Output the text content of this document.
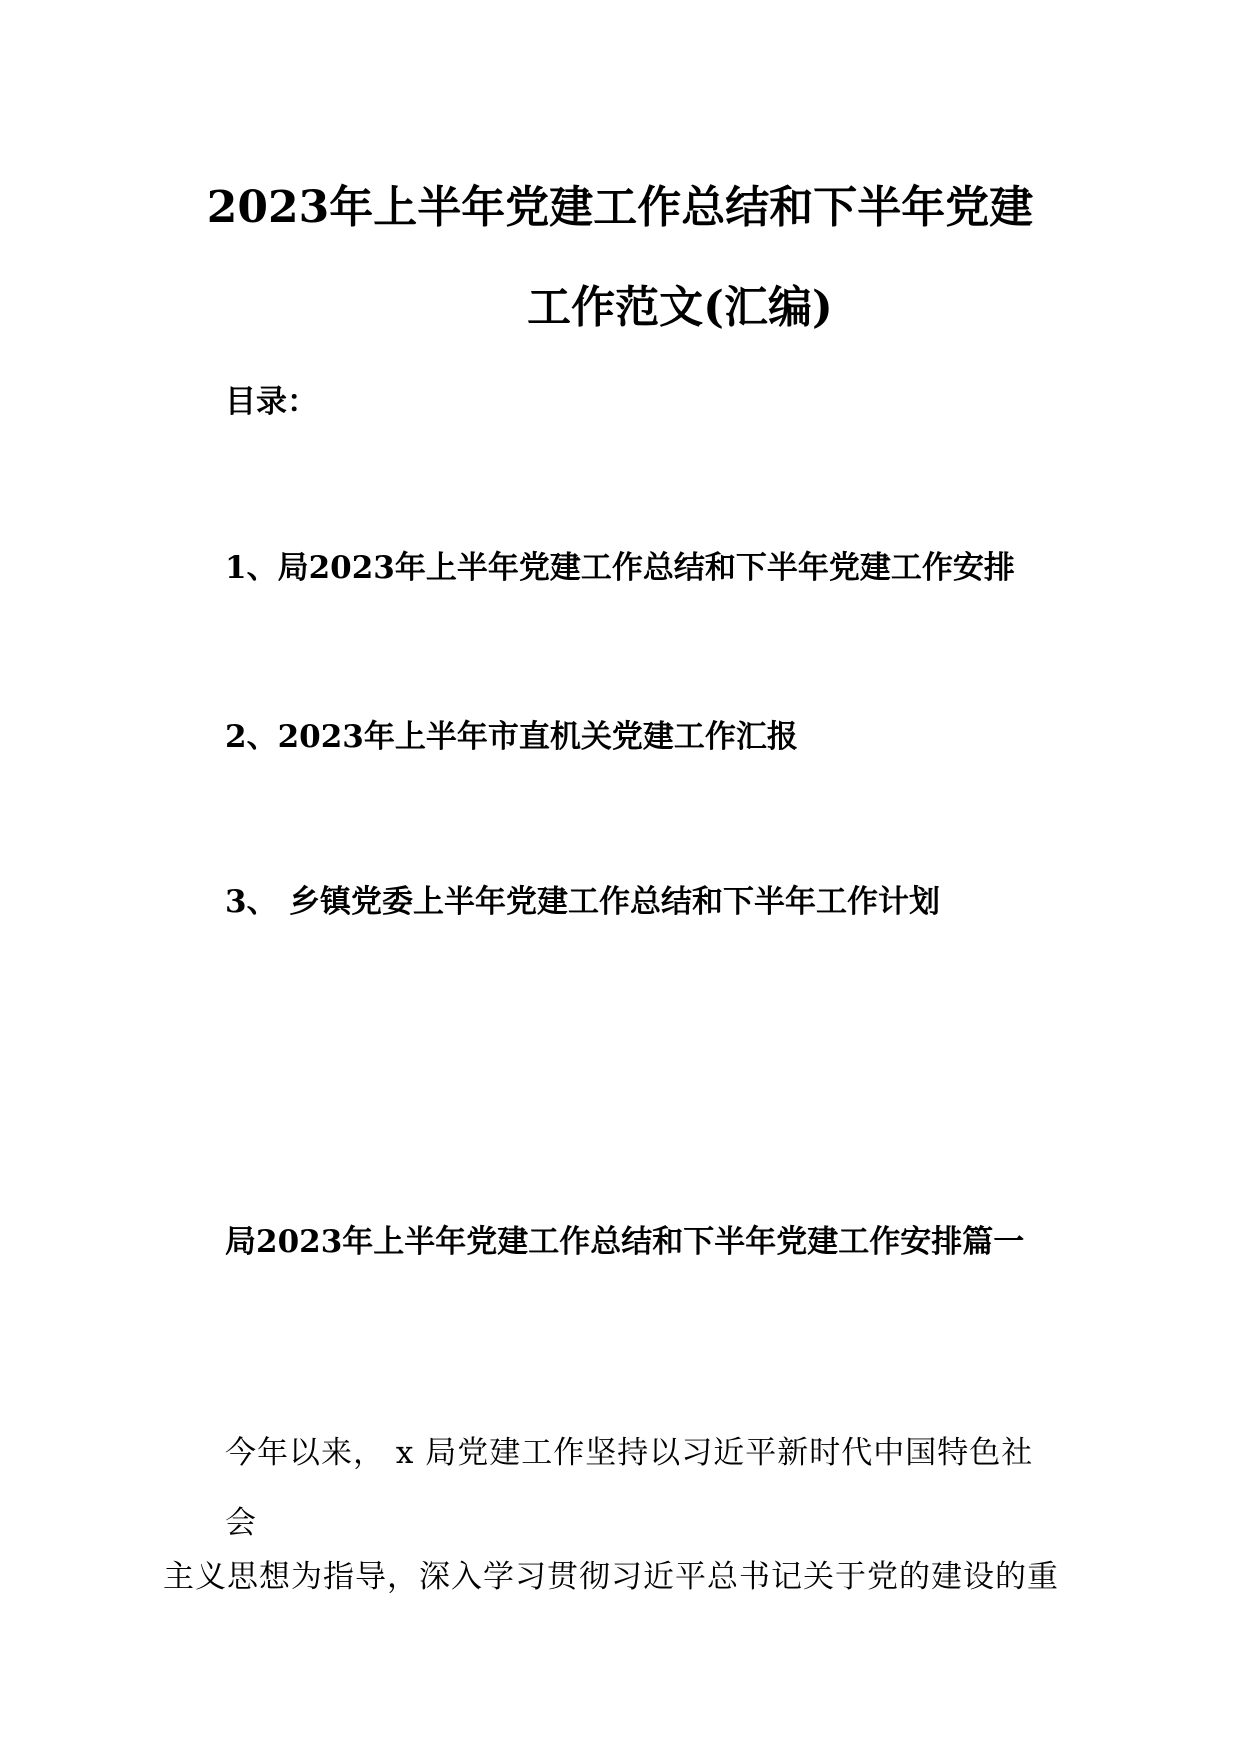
2023年上半年党建工作总结和下半年党建
工作范文(汇编)
目录：
1、局2023年上半年党建工作总结和下半年党建工作安排
2、2023年上半年市直机关党建工作汇报
3、 乡镇党委上半年党建工作总结和下半年工作计划
局2023年上半年党建工作总结和下半年党建工作安排篇一
今年以来， x 局党建工作坚持以习近平新时代中国特色社会
主义思想为指导，深入学习贯彻习近平总书记关于党的建设的重
